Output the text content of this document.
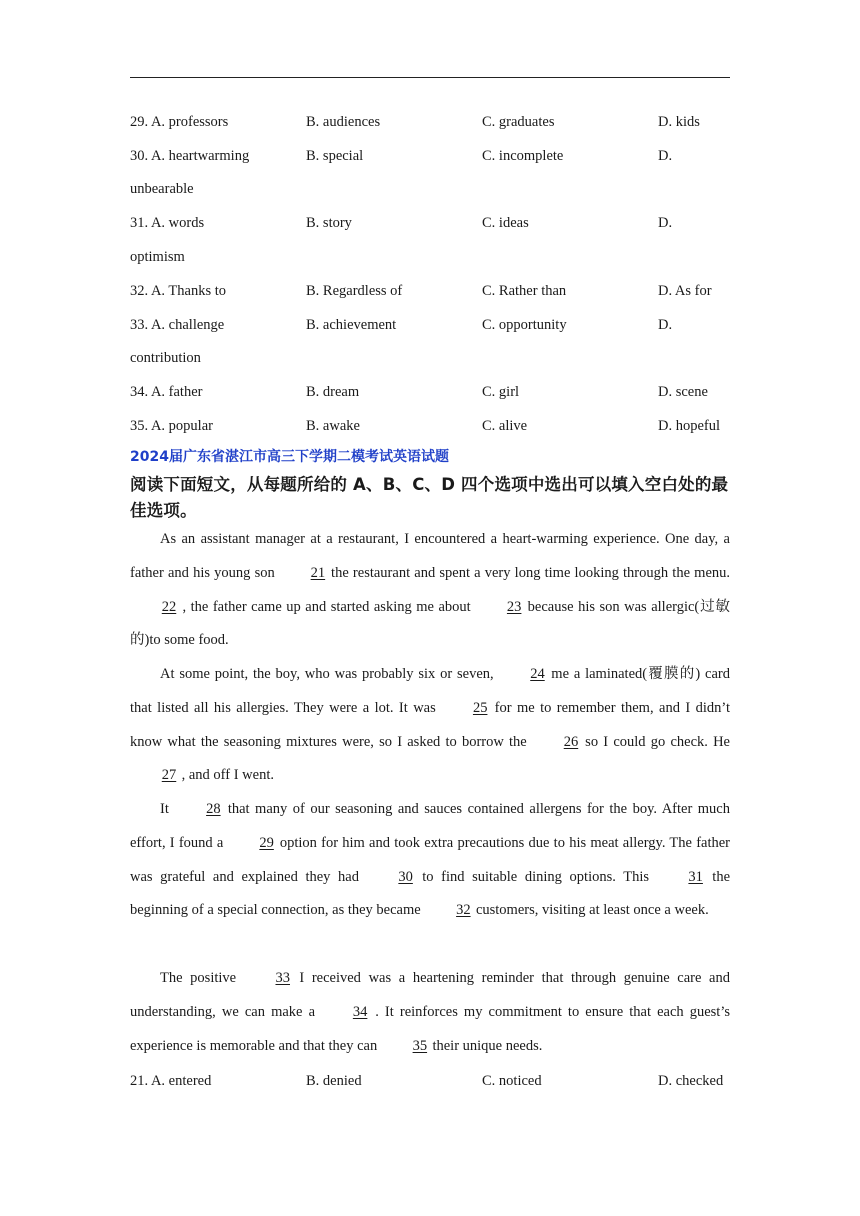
29. A. professors	B. audiences	C. graduates	D. kids
30. A. heartwarming	B. special	C. incomplete	D.
unbearable
31. A. words	B. story	C. ideas	D.
optimism
32. A. Thanks to	B. Regardless of	C. Rather than	D. As for
33. A. challenge	B. achievement	C. opportunity	D.
contribution
34. A. father	B. dream	C. girl	D. scene
35. A. popular	B. awake	C. alive	D. hopeful
2024届广东省湛江市高三下学期二模考试英语试题
阅读下面短文，从每题所给的 A、B、C、D 四个选项中选出可以填入空白处的最佳选项。
As an assistant manager at a restaurant, I encountered a heart-warming experience. One day, a father and his young son 21 the restaurant and spent a very long time looking through the menu. 22 , the father came up and started asking me about 23 because his son was allergic(过敏的)to some food.
At some point, the boy, who was probably six or seven, 24 me a laminated(覆膜的) card that listed all his allergies. They were a lot. It was 25 for me to remember them, and I didn’t know what the seasoning mixtures were, so I asked to borrow the 26 so I could go check. He 27 , and off I went.
It 28 that many of our seasoning and sauces contained allergens for the boy. After much effort, I found a 29 option for him and took extra precautions due to his meat allergy. The father was grateful and explained they had 30 to find suitable dining options. This 31 the beginning of a special connection, as they became 32 customers, visiting at least once a week.
The positive 33 I received was a heartening reminder that through genuine care and understanding, we can make a 34 . It reinforces my commitment to ensure that each guest’s experience is memorable and that they can 35 their unique needs.
21. A. entered	B. denied	C. noticed	D. checked
